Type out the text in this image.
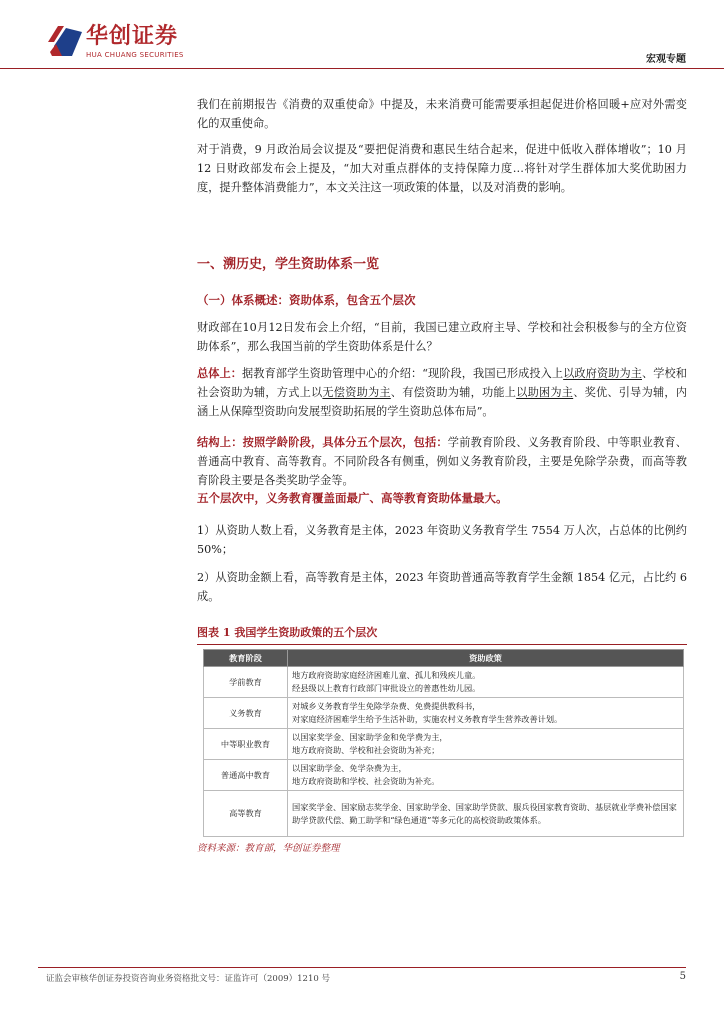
华创证券
HUA CHUANG SECURITIES	宏观专题

我们在前期报告《消费的双重使命》中提及，未来消费可能需要承担起促进价格回暖+应对外需变化的双重使命。

对于消费，9 月政治局会议提及“要把促消费和惠民生结合起来，促进中低收入群体增收”；10 月 12 日财政部发布会上提及，“加大对重点群体的支持保障力度…将针对学生群体加大奖优助困力度，提升整体消费能力”，本文关注这一项政策的体量，以及对消费的影响。

一、溯历史，学生资助体系一览
（一）体系概述：资助体系，包含五个层次

财政部在10月12日发布会上介绍，“目前，我国已建立政府主导、学校和社会积极参与的全方位资助体系”，那么我国当前的学生资助体系是什么？

总体上：据教育部学生资助管理中心的介绍：“现阶段，我国已形成投入上以政府资助为主、学校和社会资助为辅，方式上以无偿资助为主、有偿资助为辅，功能上以助困为主、奖优、引导为辅，内涵上从保障型资助向发展型资助拓展的学生资助总体布局”。

结构上：按照学龄阶段，具体分五个层次，包括：学前教育阶段、义务教育阶段、中等职业教育、普通高中教育、高等教育。不同阶段各有侧重，例如义务教育阶段，主要是免除学杂费，而高等教育阶段主要是各类奖助学金等。

五个层次中，义务教育覆盖面最广、高等教育资助体量最大。

1）从资助人数上看，义务教育是主体，2023 年资助义务教育学生 7554 万人次，占总体的比例约 50%；

2）从资助金额上看，高等教育是主体，2023 年资助普通高等教育学生金额 1854 亿元，占比约 6 成。

图表 1 我国学生资助政策的五个层次
教育阶段	资助政策
学前教育	地方政府资助家庭经济困难儿童、孤儿和残疾儿童。
经县级以上教育行政部门审批设立的普惠性幼儿园。
义务教育	对城乡义务教育学生免除学杂费、免费提供教科书，
对家庭经济困难学生给予生活补助，实施农村义务教育学生营养改善计划。
中等职业教育	以国家奖学金、国家助学金和免学费为主，
地方政府资助、学校和社会资助为补充；
普通高中教育	以国家助学金、免学杂费为主，
地方政府资助和学校、社会资助为补充。
高等教育	国家奖学金、国家励志奖学金、国家助学金、国家助学贷款、服兵役国家教育资助、基层就业学费补偿国家助学贷款代偿、勤工助学和“绿色通道”等多元化的高校资助政策体系。
资料来源：教育部，华创证券整理
证监会审核华创证券投资咨询业务资格批文号：证监许可（2009）1210 号	5
